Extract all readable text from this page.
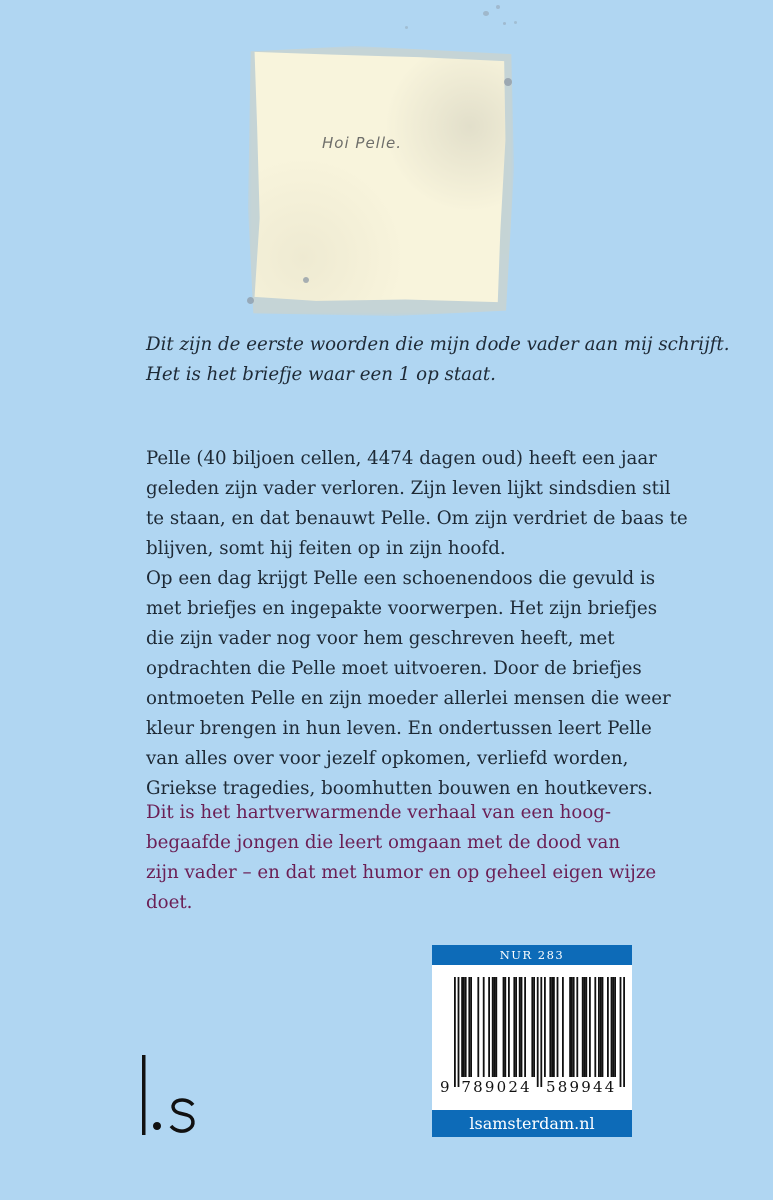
Hoi Pelle.
Dit zijn de eerste woorden die mijn dode vader aan mij schrijft.
Het is het briefje waar een 1 op staat.
Pelle (40 biljoen cellen, 4474 dagen oud) heeft een jaar
geleden zijn vader verloren. Zijn leven lijkt sindsdien stil
te staan, en dat benauwt Pelle. Om zijn verdriet de baas te
blijven, somt hij feiten op in zijn hoofd.
Op een dag krijgt Pelle een schoenendoos die gevuld is
met briefjes en ingepakte voorwerpen. Het zijn briefjes
die zijn vader nog voor hem geschreven heeft, met
opdrachten die Pelle moet uitvoeren. Door de briefjes
ontmoeten Pelle en zijn moeder allerlei mensen die weer
kleur brengen in hun leven. En ondertussen leert Pelle
van alles over voor jezelf opkomen, verliefd worden,
Griekse tragedies, boomhutten bouwen en houtkevers.
Dit is het hartverwarmende verhaal van een hoog-
begaafde jongen die leert omgaan met de dood van
zijn vader – en dat met humor en op geheel eigen wijze
doet.
NUR 283
9 789024 589944
lsamsterdam.nl
